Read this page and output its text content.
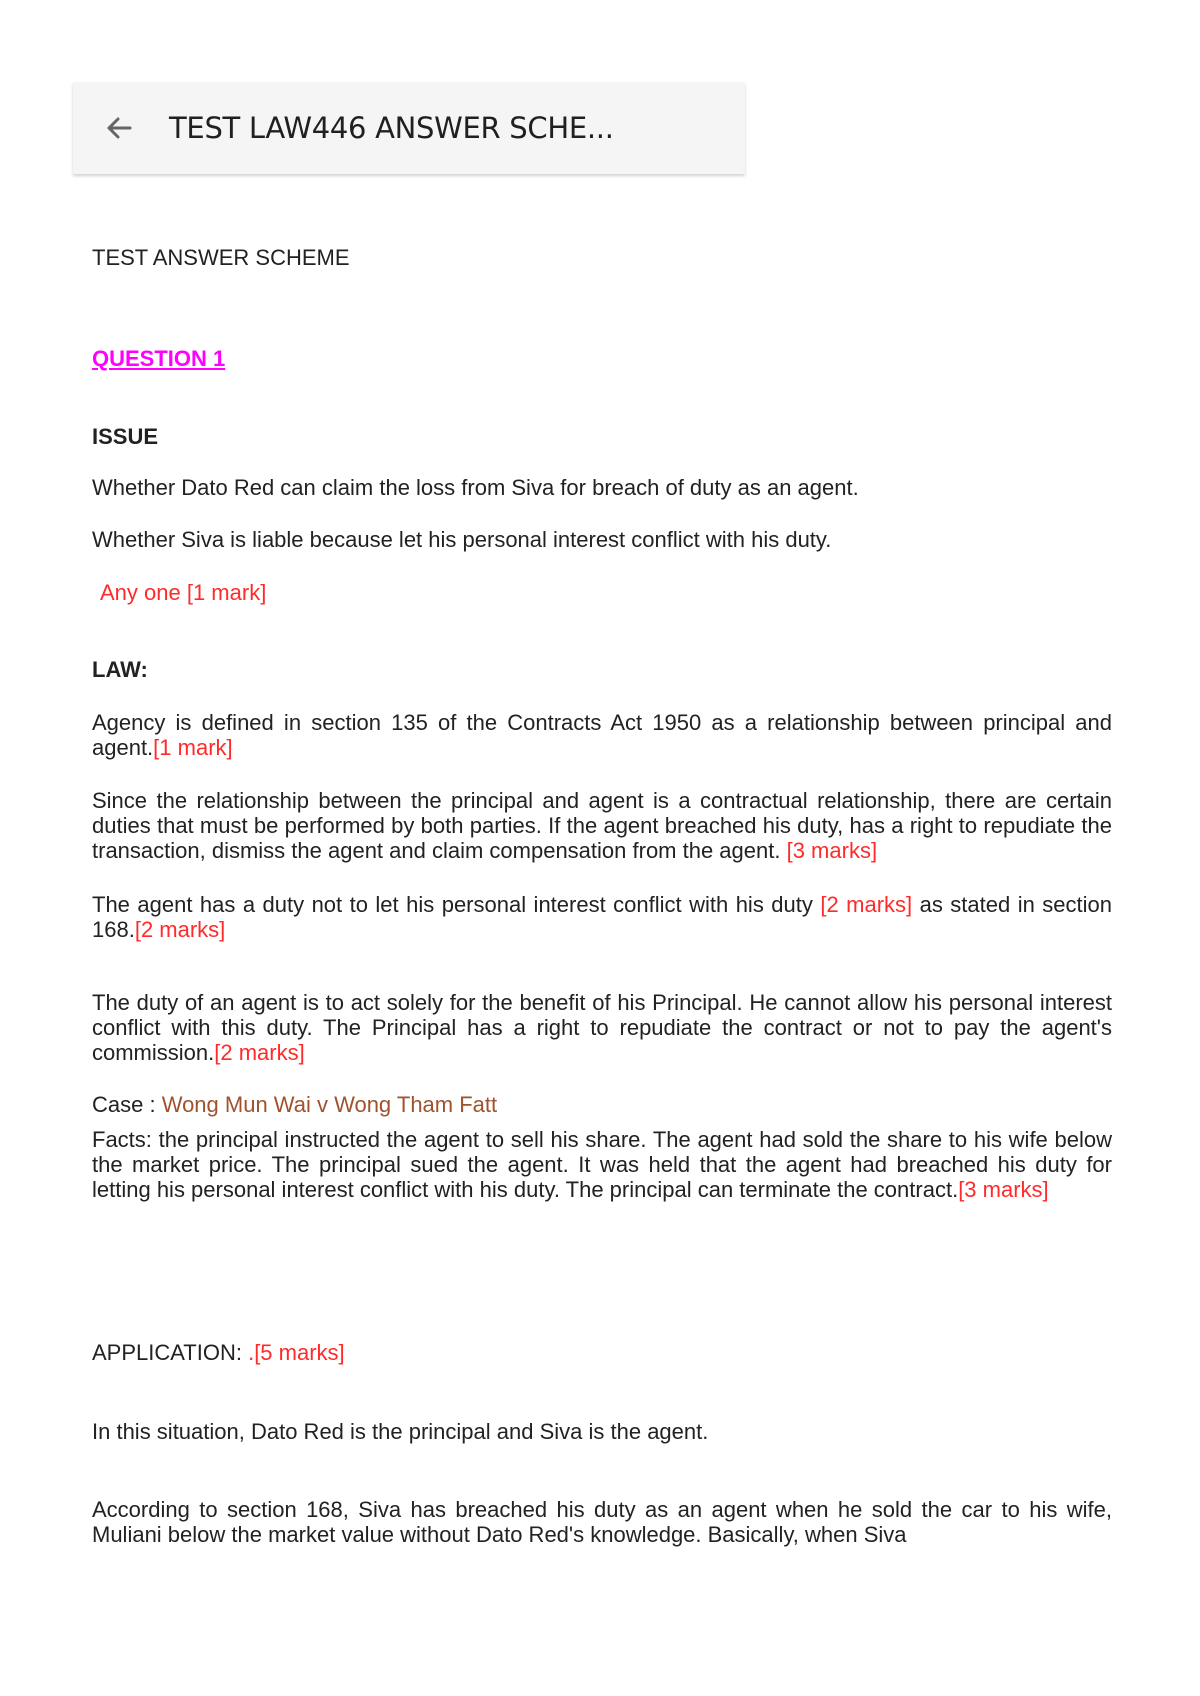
TEST LAW446 ANSWER SCHE...

TEST ANSWER SCHEME

QUESTION 1

ISSUE

Whether Dato Red can claim the loss from Siva for breach of duty as an agent.

Whether Siva is liable because let his personal interest conflict with his duty.

Any one [1 mark]

LAW:

Agency is defined in section 135 of the Contracts Act 1950 as a relationship between principal and agent.[1 mark]

Since the relationship between the principal and agent is a contractual relationship, there are certain duties that must be performed by both parties. If the agent breached his duty, has a right to repudiate the transaction, dismiss the agent and claim compensation from the agent. [3 marks]

The agent has a duty not to let his personal interest conflict with his duty [2 marks] as stated in section 168.[2 marks]

The duty of an agent is to act solely for the benefit of his Principal. He cannot allow his personal interest conflict with this duty. The Principal has a right to repudiate the contract or not to pay the agent's commission.[2 marks]

Case : Wong Mun Wai v Wong Tham Fatt

Facts: the principal instructed the agent to sell his share. The agent had sold the share to his wife below the market price. The principal sued the agent. It was held that the agent had breached his duty for letting his personal interest conflict with his duty. The principal can terminate the contract.[3 marks]

APPLICATION: .[5 marks]

In this situation, Dato Red is the principal and Siva is the agent.

According to section 168, Siva has breached his duty as an agent when he sold the car to his wife, Muliani below the market value without Dato Red's knowledge. Basically, when Siva
